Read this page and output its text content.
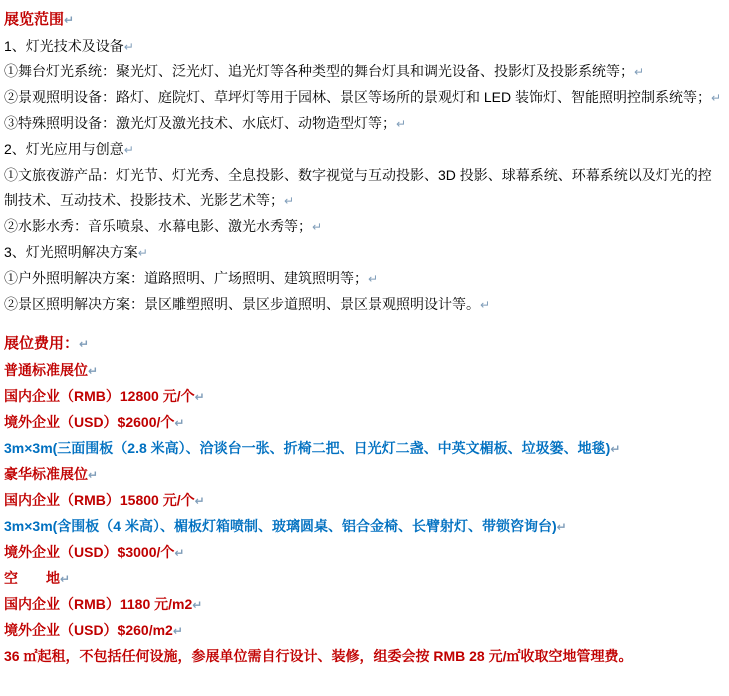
展览范围↵
1、灯光技术及设备↵
①舞台灯光系统：聚光灯、泛光灯、追光灯等各种类型的舞台灯具和调光设备、投影灯及投影系统等；↵
②景观照明设备：路灯、庭院灯、草坪灯等用于园林、景区等场所的景观灯和 LED 装饰灯、智能照明控制系统等；↵
③特殊照明设备：激光灯及激光技术、水底灯、动物造型灯等；↵
2、灯光应用与创意↵
①文旅夜游产品：灯光节、灯光秀、全息投影、数字视觉与互动投影、3D 投影、球幕系统、环幕系统以及灯光的控制技术、互动技术、投影技术、光影艺术等；↵
②水影水秀：音乐喷泉、水幕电影、激光水秀等；↵
3、灯光照明解决方案↵
①户外照明解决方案：道路照明、广场照明、建筑照明等；↵
②景区照明解决方案：景区雕塑照明、景区步道照明、景区景观照明设计等。↵
展位费用：↵
普通标准展位↵
国内企业（RMB）12800 元/个↵
境外企业（USD）$2600/个↵
3m×3m(三面围板（2.8 米高）、洽谈台一张、折椅二把、日光灯二盏、中英文楣板、垃圾篓、地毯)↵
豪华标准展位↵
国内企业（RMB）15800 元/个↵
3m×3m(含围板（4 米高）、楣板灯箱喷制、玻璃圆桌、铝合金椅、长臂射灯、带锁咨询台)↵
境外企业（USD）$3000/个↵
空　　地↵
国内企业（RMB）1180 元/m2↵
境外企业（USD）$260/m2↵
36 ㎡起租，不包括任何设施，参展单位需自行设计、装修，组委会按 RMB 28 元/㎡收取空地管理费。
